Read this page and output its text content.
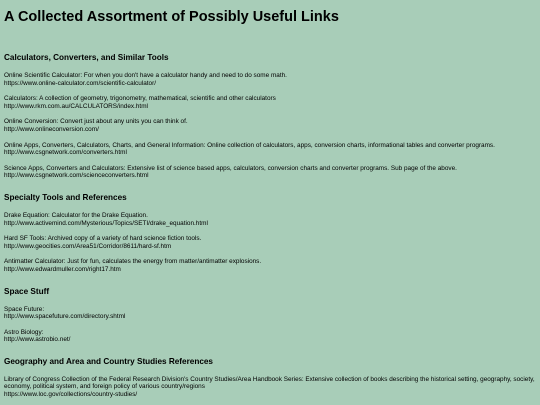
A Collected Assortment of Possibly Useful Links
Calculators, Converters, and Similar Tools
Online Scientific Calculator: For when you don't have a calculator handy and need to do some math.
https://www.online-calculator.com/scientific-calculator/
Calculators: A collection of geometry, trigonometry, mathematical, scientific and other calculators
http://www.rkm.com.au/CALCULATORS/index.html
Online Conversion: Convert just about any units you can think of.
http://www.onlineconversion.com/
Online Apps, Converters, Calculators, Charts, and General Information: Online collection of calculators, apps, conversion charts, informational tables and converter programs.
http://www.csgnetwork.com/converters.html
Science Apps, Converters and Calculators: Extensive list of science based apps, calculators, conversion charts and converter programs. Sub page of the above.
http://www.csgnetwork.com/scienceconverters.html
Specialty Tools and References
Drake Equation: Calculator for the Drake Equation.
http://www.activemind.com/Mysterious/Topics/SETI/drake_equation.html
Hard SF Tools: Archived copy of a variety of hard science fiction tools.
http://www.geocities.com/Area51/Corridor/8611/hard-sf.htm
Antimatter Calculator: Just for fun, calculates the energy from matter/antimatter explosions.
http://www.edwardmuller.com/right17.htm
Space Stuff
Space Future:
http://www.spacefuture.com/directory.shtml
Astro Biology:
http://www.astrobio.net/
Geography and Area and Country Studies References
Library of Congress Collection of the Federal Research Division's Country Studies/Area Handbook Series: Extensive collection of books describing the historical setting, geography, society, economy, political system, and foreign policy of various country/regions
https://www.loc.gov/collections/country-studies/
